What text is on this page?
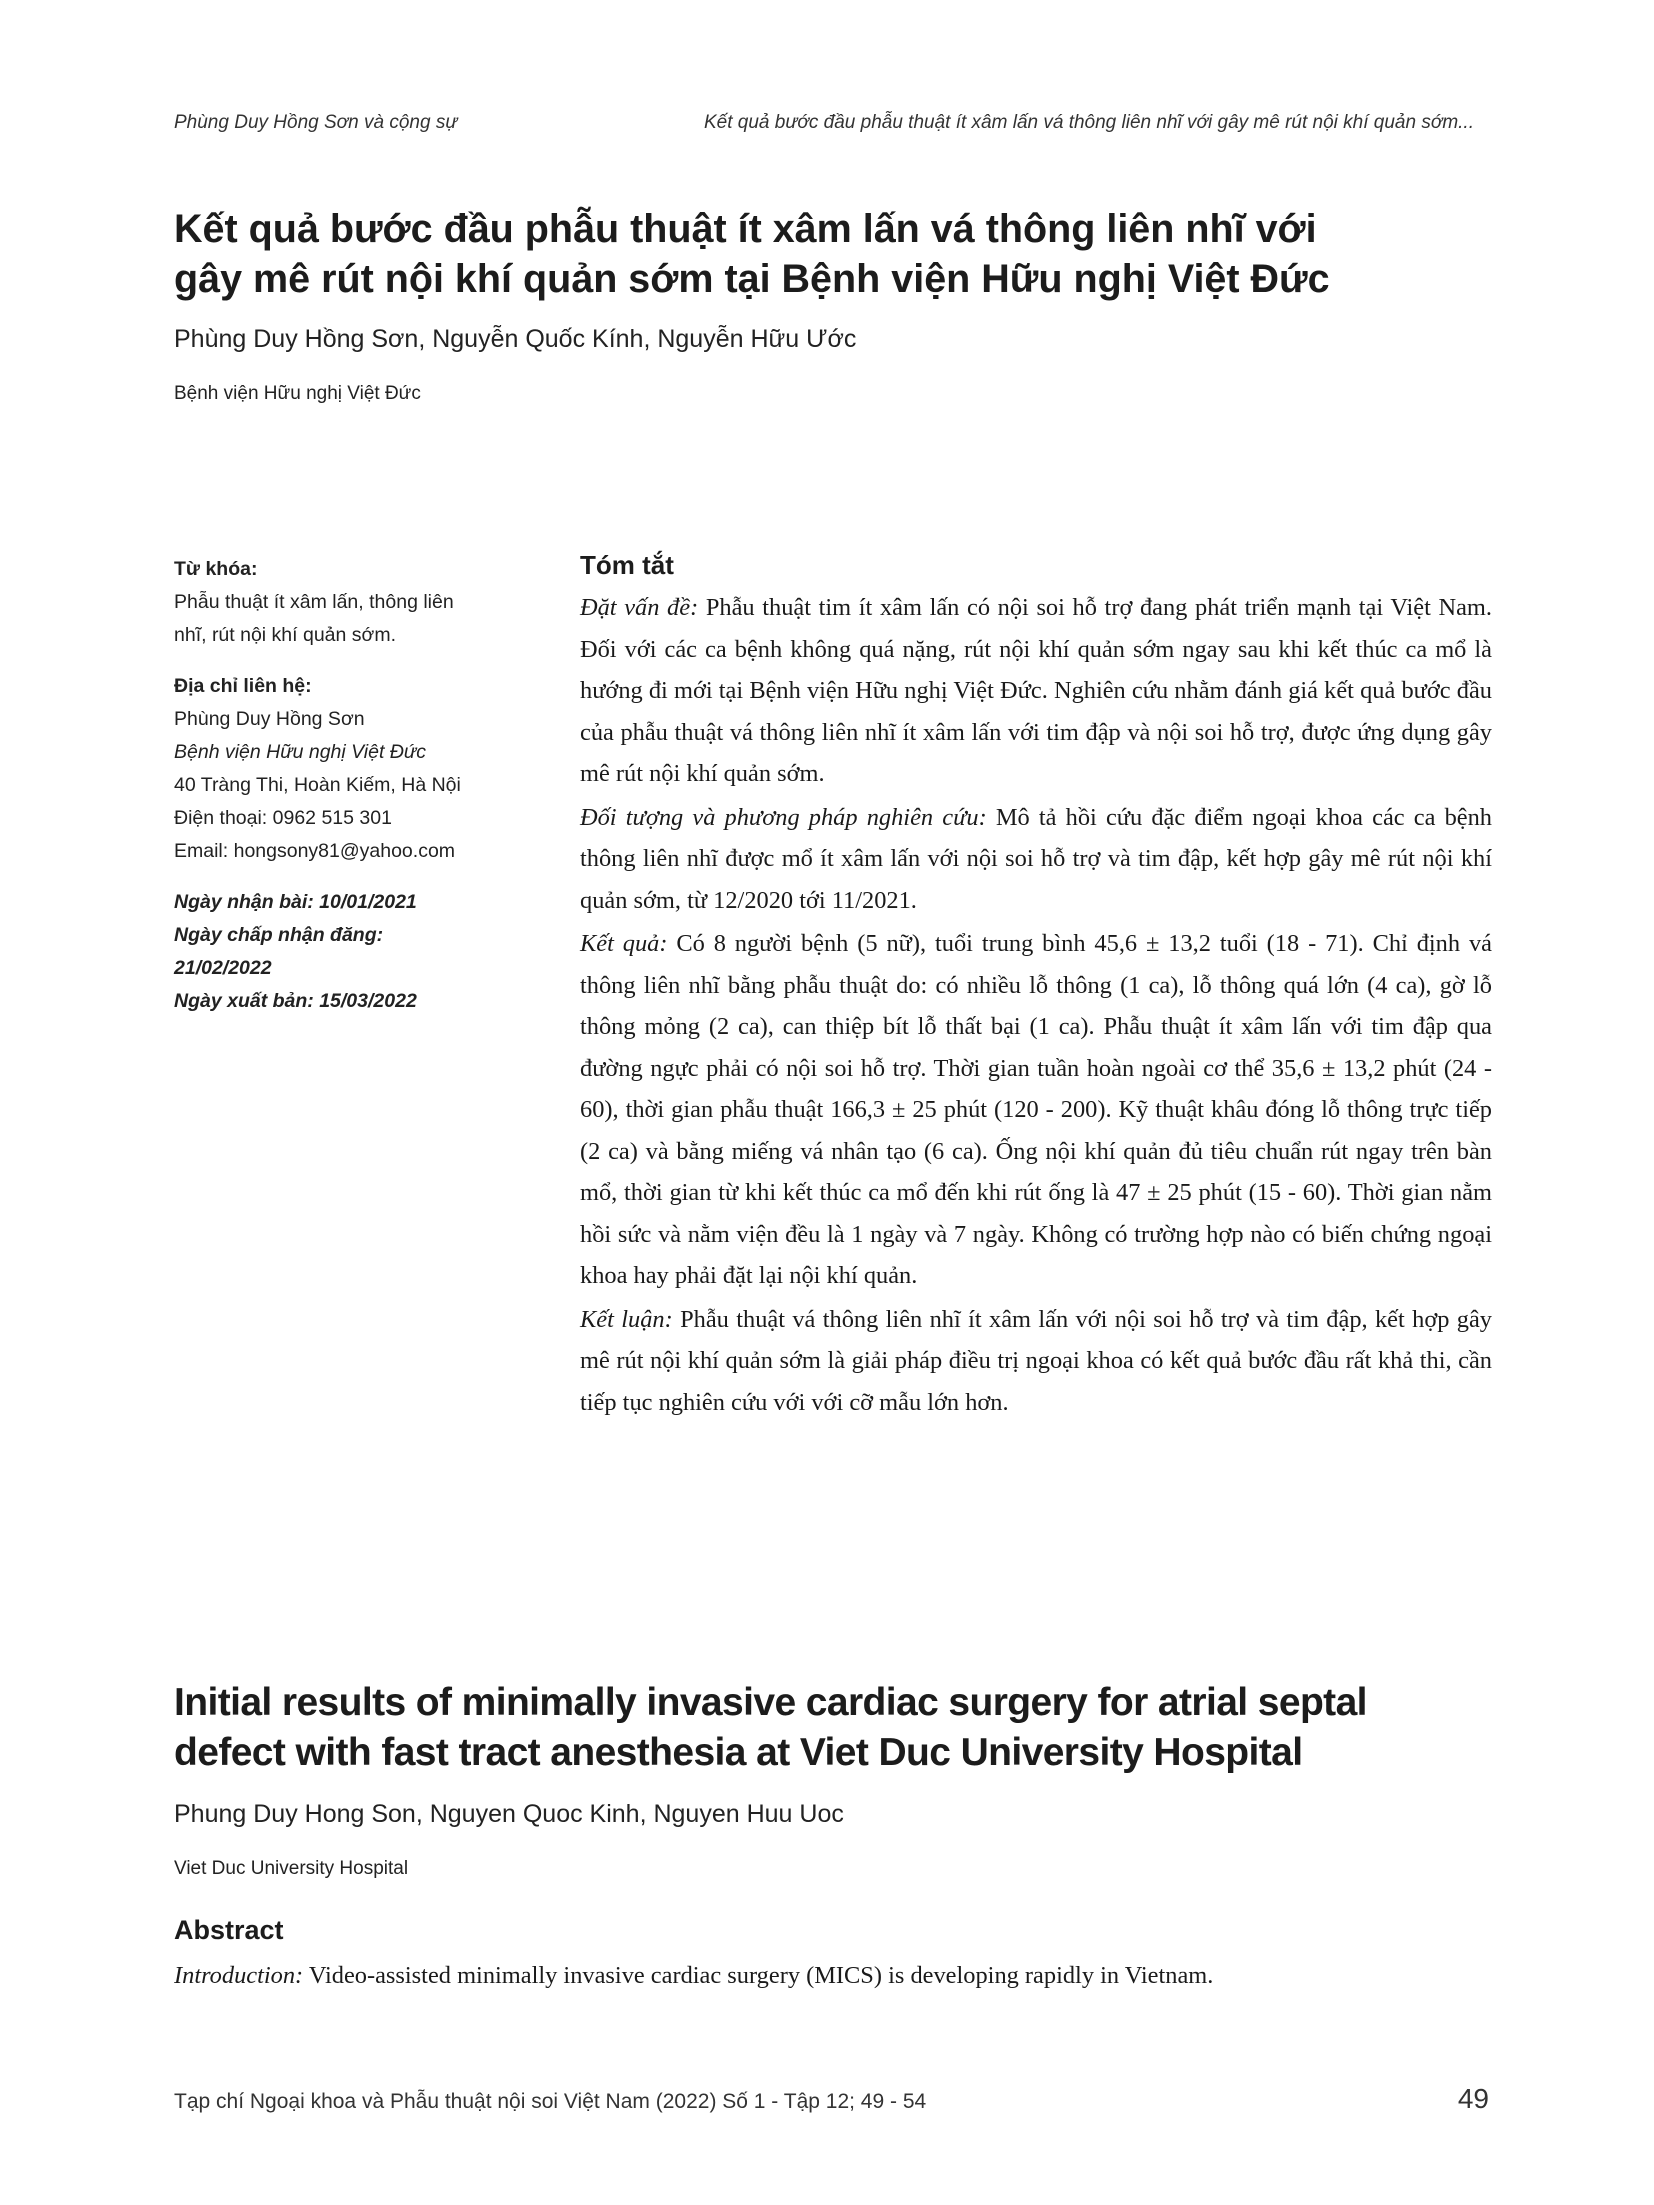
Phùng Duy Hồng Sơn và cộng sự	Kết quả bước đầu phẫu thuật ít xâm lấn vá thông liên nhĩ với gây mê rút nội khí quản sớm...
Kết quả bước đầu phẫu thuật ít xâm lấn vá thông liên nhĩ với
gây mê rút nội khí quản sớm tại Bệnh viện Hữu nghị Việt Đức
Phùng Duy Hồng Sơn, Nguyễn Quốc Kính, Nguyễn Hữu Ước
Bệnh viện Hữu nghị Việt Đức
Từ khóa:
Phẫu thuật ít xâm lấn, thông liên
nhĩ, rút nội khí quản sớm.
Địa chỉ liên hệ:
Phùng Duy Hồng Sơn
Bệnh viện Hữu nghị Việt Đức
40 Tràng Thi, Hoàn Kiếm, Hà Nội
Điện thoại: 0962 515 301
Email: hongsony81@yahoo.com
Ngày nhận bài: 10/01/2021
Ngày chấp nhận đăng:
21/02/2022
Ngày xuất bản: 15/03/2022
Tóm tắt

Đặt vấn đề: Phẫu thuật tim ít xâm lấn có nội soi hỗ trợ đang phát triển mạnh tại Việt Nam. Đối với các ca bệnh không quá nặng, rút nội khí quản sớm ngay sau khi kết thúc ca mổ là hướng đi mới tại Bệnh viện Hữu nghị Việt Đức. Nghiên cứu nhằm đánh giá kết quả bước đầu của phẫu thuật vá thông liên nhĩ ít xâm lấn với tim đập và nội soi hỗ trợ, được ứng dụng gây mê rút nội khí quản sớm.

Đối tượng và phương pháp nghiên cứu: Mô tả hồi cứu đặc điểm ngoại khoa các ca bệnh thông liên nhĩ được mổ ít xâm lấn với nội soi hỗ trợ và tim đập, kết hợp gây mê rút nội khí quản sớm, từ 12/2020 tới 11/2021.

Kết quả: Có 8 người bệnh (5 nữ), tuổi trung bình 45,6 ± 13,2 tuổi (18 - 71). Chỉ định vá thông liên nhĩ bằng phẫu thuật do: có nhiều lỗ thông (1 ca), lỗ thông quá lớn (4 ca), gờ lỗ thông mỏng (2 ca), can thiệp bít lỗ thất bại (1 ca). Phẫu thuật ít xâm lấn với tim đập qua đường ngực phải có nội soi hỗ trợ. Thời gian tuần hoàn ngoài cơ thể 35,6 ± 13,2 phút (24 - 60), thời gian phẫu thuật 166,3 ± 25 phút (120 - 200). Kỹ thuật khâu đóng lỗ thông trực tiếp (2 ca) và bằng miếng vá nhân tạo (6 ca). Ống nội khí quản đủ tiêu chuẩn rút ngay trên bàn mổ, thời gian từ khi kết thúc ca mổ đến khi rút ống là 47 ± 25 phút (15 - 60). Thời gian nằm hồi sức và nằm viện đều là 1 ngày và 7 ngày. Không có trường hợp nào có biến chứng ngoại khoa hay phải đặt lại nội khí quản.

Kết luận: Phẫu thuật vá thông liên nhĩ ít xâm lấn với nội soi hỗ trợ và tim đập, kết hợp gây mê rút nội khí quản sớm là giải pháp điều trị ngoại khoa có kết quả bước đầu rất khả thi, cần tiếp tục nghiên cứu với với cỡ mẫu lớn hơn.

Initial results of minimally invasive cardiac surgery for atrial septal
defect with fast tract anesthesia at Viet Duc University Hospital
Phung Duy Hong Son, Nguyen Quoc Kinh, Nguyen Huu Uoc
Viet Duc University Hospital
Abstract

Introduction: Video-assisted minimally invasive cardiac surgery (MICS) is developing rapidly in Vietnam.

Tạp chí Ngoại khoa và Phẫu thuật nội soi Việt Nam (2022) Số 1 - Tập 12; 49 - 54	49
